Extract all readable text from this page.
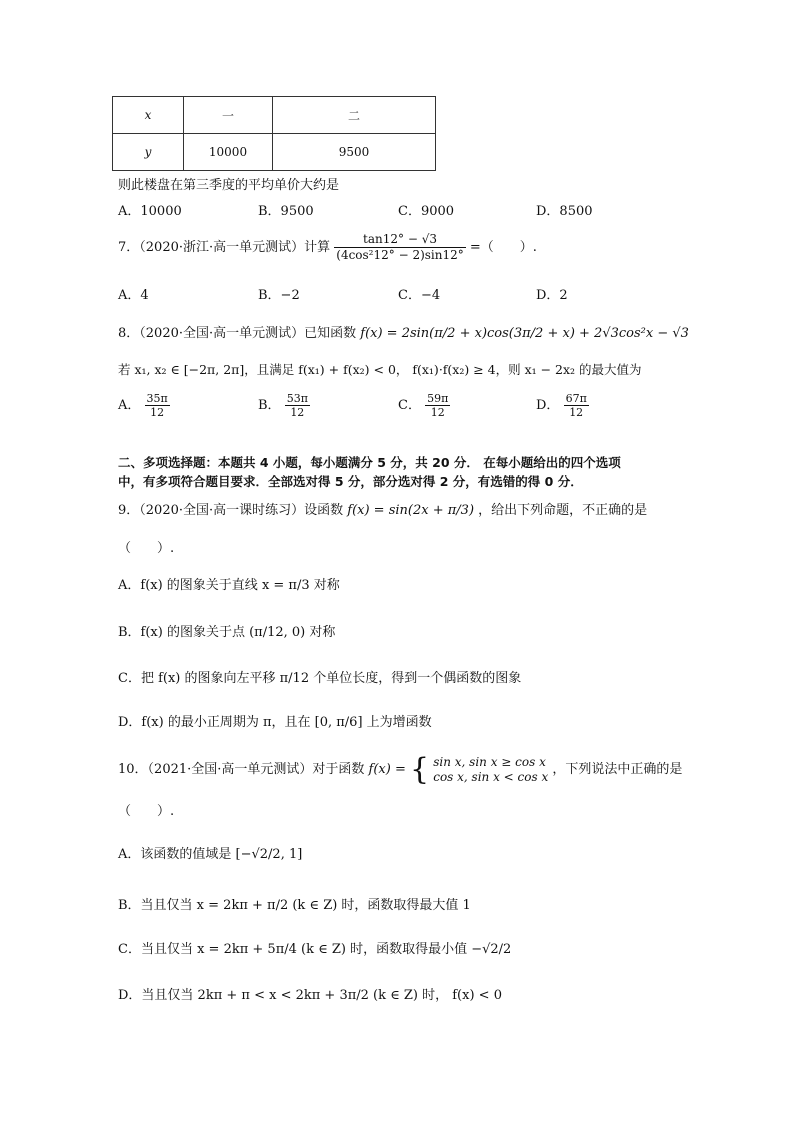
x	一	二
y	10000	9500
则此楼盘在第三季度的平均单价大约是
A．10000	B．9500	C．9000	D．8500
7．（2020·浙江·高一单元测试）计算 $\frac{\tan 12^\circ - √3}{\text{(4cos²12° − 2)sin12°}}$ =（　　）.
A．4	B．−2	C．−4	D．2
8．（2020·全国·高一单元测试）已知函数 f(x) = 2sin(π/2 + x)cos(3π/2 + x) + 2√3cos²x − √3
若 x₁, x₂ ∈ [−2π, 2π]，且满足 f(x₁) + f(x₂) < 0， f(x₁)·f(x₂) ≥ 4，则 x₁ − 2x₂ 的最大值为
A． $\frac{35\pi}{12}$	B． $\frac{53\pi}{12}$	C． $\frac{59\pi}{12}$	D． $\frac{67\pi}{12}$
二、多项选择题：本题共 4 小题，每小题满分 5 分，共 20 分． 在每小题给出的四个选项
中，有多项符合题目要求．全部选对得 5 分，部分选对得 2 分，有选错的得 0 分．
9．（2020·全国·高一课时练习）设函数 f(x) = sin(2x + π/3) ，给出下列命题，不正确的是
（　　）.
A．f(x) 的图象关于直线 x = π/3 对称
B．f(x) 的图象关于点 (π/12, 0) 对称
C．把 f(x) 的图象向左平移 π/12 个单位长度，得到一个偶函数的图象
D．f(x) 的最小正周期为 π，且在 [0, π/6] 上为增函数
10．（2021·全国·高一单元测试）对于函数 f(x) = { sin x, sin x ≥ cos x
cos x, sin x < cos x ，下列说法中正确的是
（　　）.
A．该函数的值域是 [−√2/2, 1]
B．当且仅当 x = 2kπ + π/2 (k ∈ Z) 时，函数取得最大值 1
C．当且仅当 x = 2kπ + 5π/4 (k ∈ Z) 时，函数取得最小值 −√2/2
D．当且仅当 2kπ + π < x < 2kπ + 3π/2 (k ∈ Z) 时， f(x) < 0
